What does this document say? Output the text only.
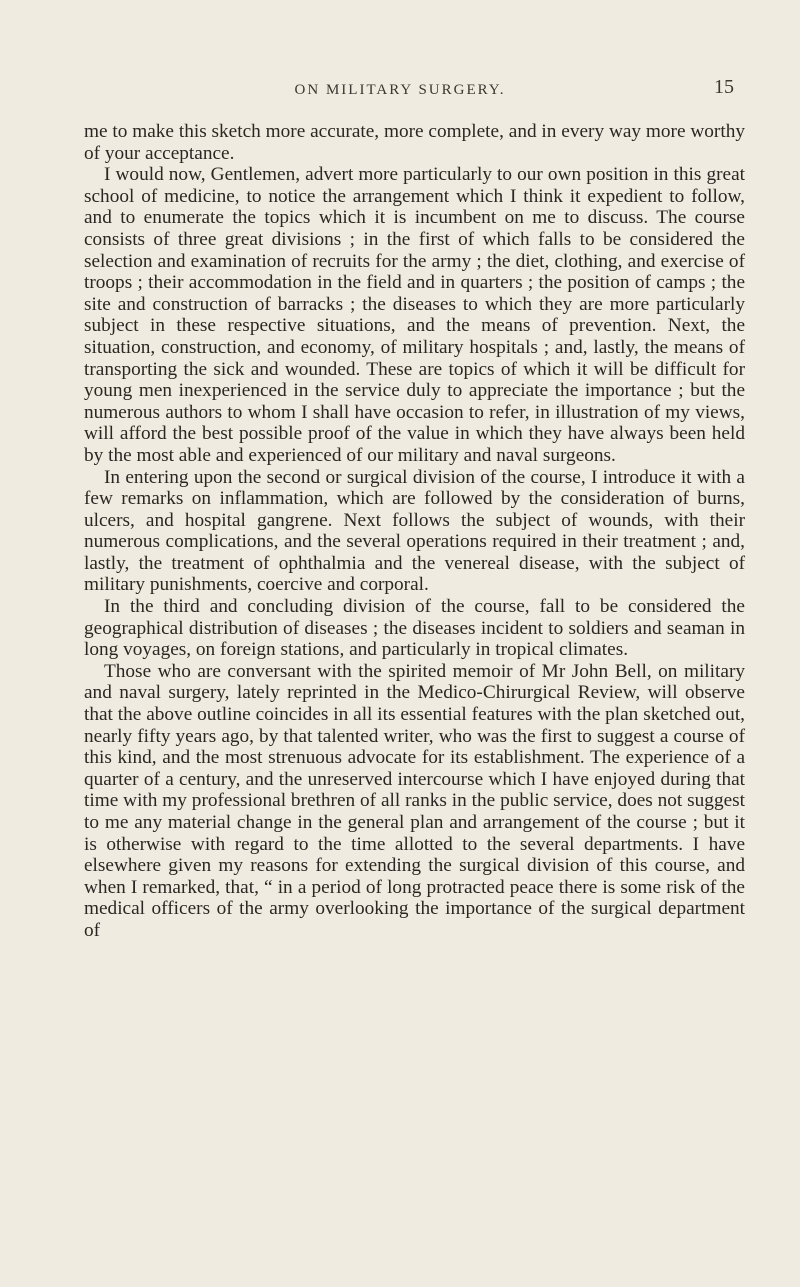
ON MILITARY SURGERY.	15

me to make this sketch more accurate, more complete, and in every way more worthy of your acceptance.

I would now, Gentlemen, advert more particularly to our own position in this great school of medicine, to notice the arrangement which I think it expedient to follow, and to enumerate the topics which it is incumbent on me to discuss. The course consists of three great divisions ; in the first of which falls to be considered the selection and examination of recruits for the army ; the diet, clothing, and exercise of troops ; their accommodation in the field and in quarters ; the position of camps ; the site and construction of barracks ; the diseases to which they are more particularly subject in these respective situations, and the means of prevention. Next, the situation, construction, and economy, of military hospitals ; and, lastly, the means of transporting the sick and wounded. These are topics of which it will be difficult for young men inexperienced in the service duly to appreciate the importance ; but the numerous authors to whom I shall have occasion to refer, in illustration of my views, will afford the best possible proof of the value in which they have always been held by the most able and experienced of our military and naval surgeons.

In entering upon the second or surgical division of the course, I introduce it with a few remarks on inflammation, which are followed by the consideration of burns, ulcers, and hospital gangrene. Next follows the subject of wounds, with their numerous complications, and the several operations required in their treatment ; and, lastly, the treatment of ophthalmia and the venereal disease, with the subject of military punishments, coercive and corporal.

In the third and concluding division of the course, fall to be considered the geographical distribution of diseases ; the diseases incident to soldiers and seaman in long voyages, on foreign stations, and particularly in tropical climates.

Those who are conversant with the spirited memoir of Mr John Bell, on military and naval surgery, lately reprinted in the Medico-Chirurgical Review, will observe that the above outline coincides in all its essential features with the plan sketched out, nearly fifty years ago, by that talented writer, who was the first to suggest a course of this kind, and the most strenuous advocate for its establishment. The experience of a quarter of a century, and the unreserved intercourse which I have enjoyed during that time with my professional brethren of all ranks in the public service, does not suggest to me any material change in the general plan and arrangement of the course ; but it is otherwise with regard to the time allotted to the several departments. I have elsewhere given my reasons for extending the surgical division of this course, and when I remarked, that, “ in a period of long protracted peace there is some risk of the medical officers of the army overlooking the importance of the surgical department of
